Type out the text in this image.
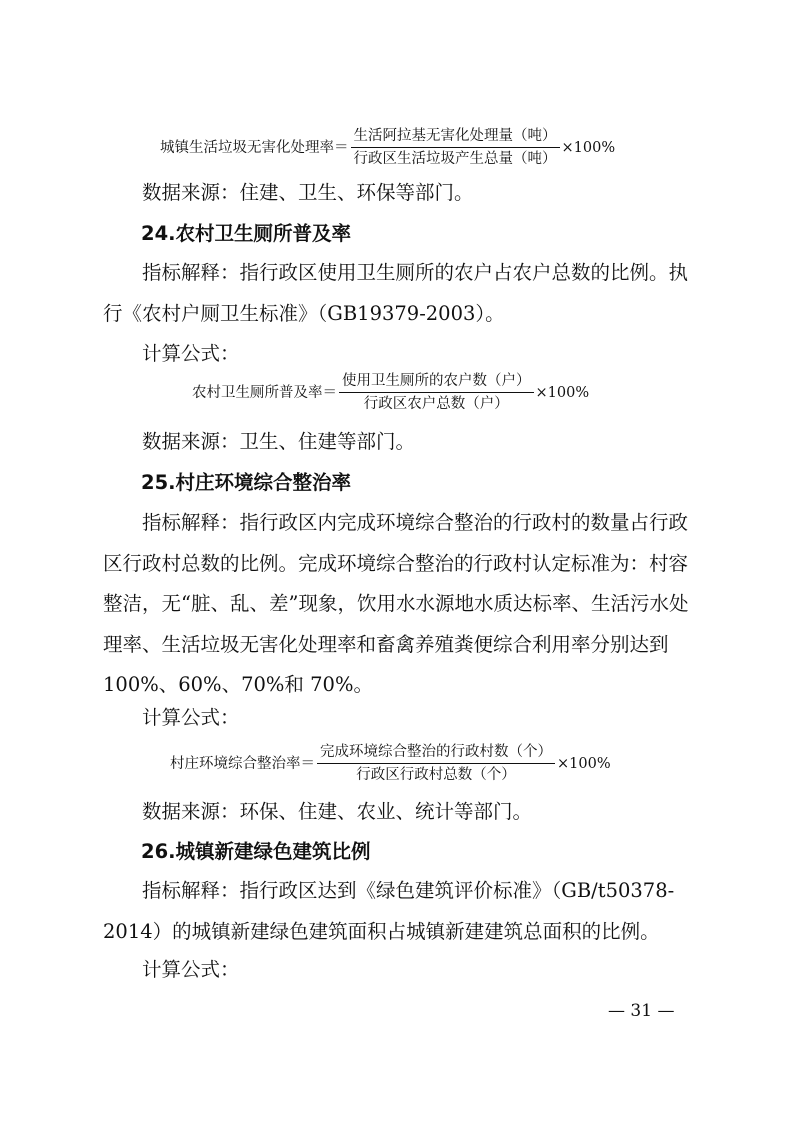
城镇生活垃圾无害化处理率＝ $\frac{\text{生活阿拉基无害化处理量（吨）}}{\text{行政区生活垃圾产生总量（吨）}} \times 100\%$

数据来源：住建、卫生、环保等部门。

24.农村卫生厕所普及率

指标解释：指行政区使用卫生厕所的农户占农户总数的比例。执行《农村户厕卫生标准》（GB19379-2003）。

计算公式：

农村卫生厕所普及率＝ $\frac{\text{使用卫生厕所的农户数（户）}}{\text{行政区农户总数（户）}} \times 100\%$

数据来源：卫生、住建等部门。

25.村庄环境综合整治率

指标解释：指行政区内完成环境综合整治的行政村的数量占行政区行政村总数的比例。完成环境综合整治的行政村认定标准为：村容整洁，无“脏、乱、差”现象，饮用水水源地水质达标率、生活污水处理率、生活垃圾无害化处理率和畜禽养殖粪便综合利用率分别达到 100%、60%、70%和 70%。

计算公式：

村庄环境综合整治率＝ $\frac{\text{完成环境综合整治的行政村数（个）}}{\text{行政区行政村总数（个）}} \times 100\%$

数据来源：环保、住建、农业、统计等部门。

26.城镇新建绿色建筑比例

指标解释：指行政区达到《绿色建筑评价标准》（GB/t50378-2014）的城镇新建绿色建筑面积占城镇新建建筑总面积的比例。

计算公式：

— 31 —
